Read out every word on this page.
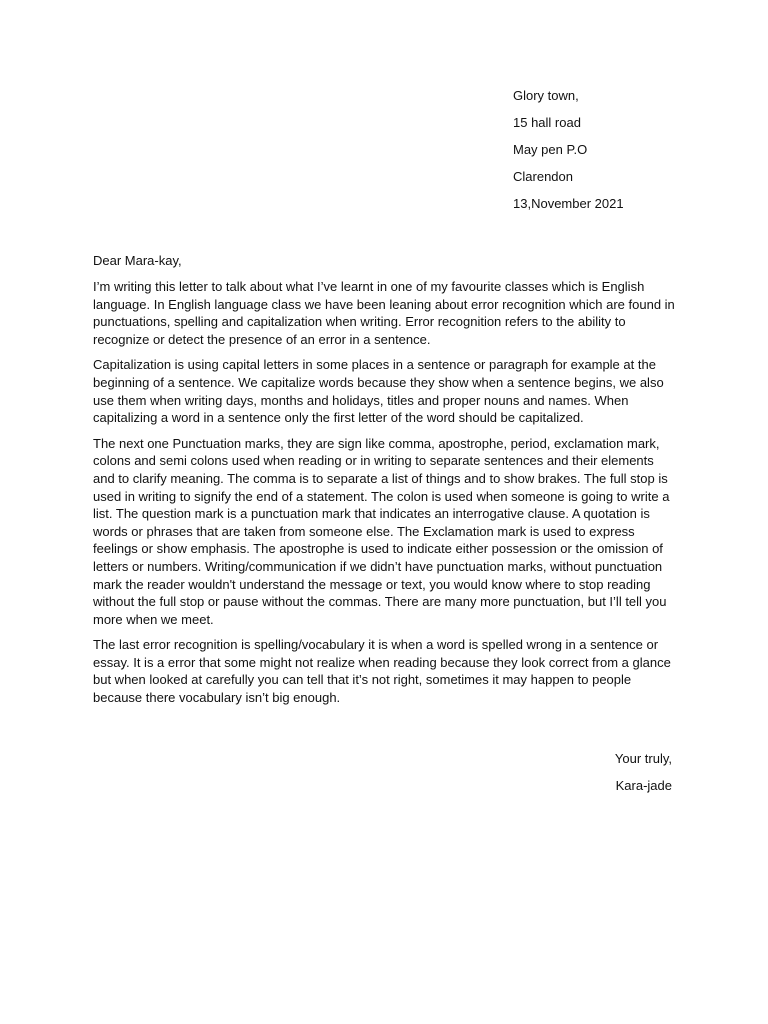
Glory town,
15 hall road
May pen P.O
Clarendon
13,November 2021
Dear Mara-kay,

I’m writing this letter to talk about what I’ve learnt in one of my favourite classes which is English language. In English language class we have been leaning about error recognition which are found in punctuations, spelling and capitalization when writing. Error recognition refers to the ability to recognize or detect the presence of an error in a sentence.

Capitalization is using capital letters in some places in a sentence or paragraph for example at the beginning of a sentence. We capitalize words because they show when a sentence begins, we also use them when writing days, months and holidays, titles and proper nouns and names. When capitalizing a word in a sentence only the first letter of the word should be capitalized.

The next one Punctuation marks, they are sign like comma, apostrophe, period, exclamation mark, colons and semi colons used when reading or in writing to separate sentences and their elements and to clarify meaning. The comma is to separate a list of things and to show brakes. The full stop is used in writing to signify the end of a statement. The colon is used when someone is going to write a list. The question mark is a punctuation mark that indicates an interrogative clause. A quotation is words or phrases that are taken from someone else. The Exclamation mark is used to express feelings or show emphasis. The apostrophe is used to indicate either possession or the omission of letters or numbers. Writing/communication if we didn’t have punctuation marks, without punctuation mark the reader wouldn't understand the message or text, you would know where to stop reading without the full stop or pause without the commas. There are many more punctuation, but I’ll tell you more when we meet.

The last error recognition is spelling/vocabulary it is when a word is spelled wrong in a sentence or essay. It is a error that some might not realize when reading because they look correct from a glance but when looked at carefully you can tell that it’s not right, sometimes it may happen to people because there vocabulary isn’t big enough.

Your truly,
Kara-jade
